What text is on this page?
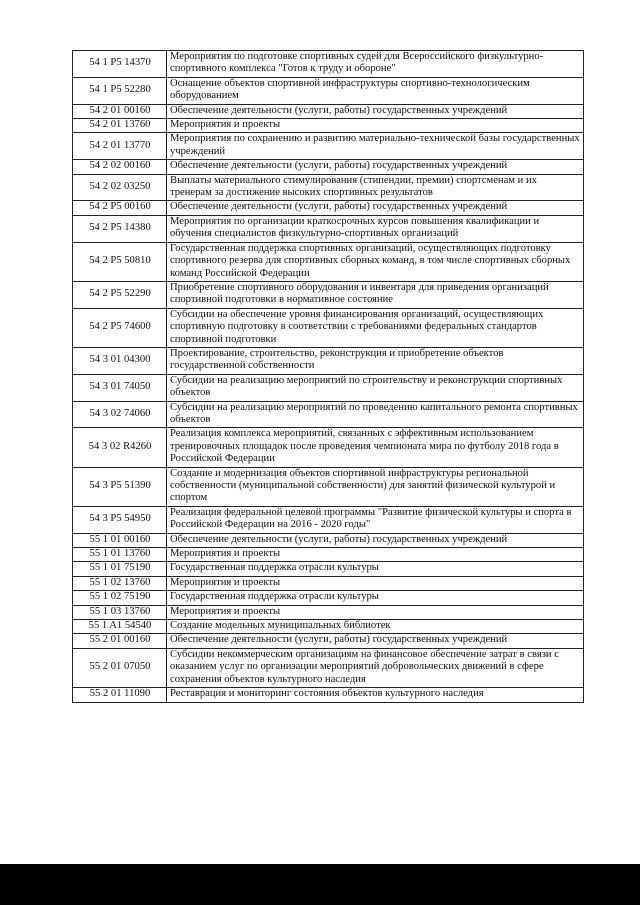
54 1 P5 14370	Мероприятия по подготовке спортивных судей для Всероссийского физкультурно-спортивного комплекса "Готов к труду и обороне"
54 1 P5 52280	Оснащение объектов спортивной инфраструктуры спортивно-технологическим оборудованием
54 2 01 00160	Обеспечение деятельности (услуги, работы) государственных учреждений
54 2 01 13760	Мероприятия и проекты
54 2 01 13770	Мероприятия по сохранению и развитию материально-технической базы государственных учреждений
54 2 02 00160	Обеспечение деятельности (услуги, работы) государственных учреждений
54 2 02 03250	Выплаты материального стимулирования (стипендии, премии) спортсменам и их тренерам за достижение высоких спортивных результатов
54 2 P5 00160	Обеспечение деятельности (услуги, работы) государственных учреждений
54 2 P5 14380	Мероприятия по организации краткосрочных курсов повышения квалификации и обучения специалистов физкультурно-спортивных организаций
54 2 P5 50810	Государственная поддержка спортивных организаций, осуществляющих подготовку спортивного резерва для спортивных сборных команд, в том числе спортивных сборных команд Российской Федерации
54 2 P5 52290	Приобретение спортивного оборудования и инвентаря для приведения организаций спортивной подготовки в нормативное состояние
54 2 P5 74600	Субсидии на обеспечение уровня финансирования организаций, осуществляющих спортивную подготовку в соответствии с требованиями федеральных стандартов спортивной подготовки
54 3 01 04300	Проектирование, строительство, реконструкция и приобретение объектов государственной собственности
54 3 01 74050	Субсидии на реализацию мероприятий по строительству и реконструкции спортивных объектов
54 3 02 74060	Субсидии на реализацию мероприятий по проведению капитального ремонта спортивных объектов
54 3 02 R4260	Реализация комплекса мероприятий, связанных с эффективным использованием тренировочных площадок после проведения чемпионата мира по футболу 2018 года в Российской Федерации
54 3 P5 51390	Создание и модернизация объектов спортивной инфраструктуры региональной собственности (муниципальной собственности) для занятий физической культурой и спортом
54 3 P5 54950	Реализация федеральной целевой программы "Развитие физической культуры и спорта в Российской Федерации на 2016 - 2020 годы"
55 1 01 00160	Обеспечение деятельности (услуги, работы) государственных учреждений
55 1 01 13760	Мероприятия и проекты
55 1 01 75190	Государственная поддержка отрасли культуры
55 1 02 13760	Мероприятия и проекты
55 1 02 75190	Государственная поддержка отрасли культуры
55 1 03 13760	Мероприятия и проекты
55 1 A1 54540	Создание модельных муниципальных библиотек
55 2 01 00160	Обеспечение деятельности (услуги, работы) государственных учреждений
55 2 01 07050	Субсидии некоммерческим организациям на финансовое обеспечение затрат в связи с оказанием услуг по организации мероприятий добровольческих движений в сфере сохранения объектов культурного наследия
55 2 01 11090	Реставрация и мониторинг состояния объектов культурного наследия
